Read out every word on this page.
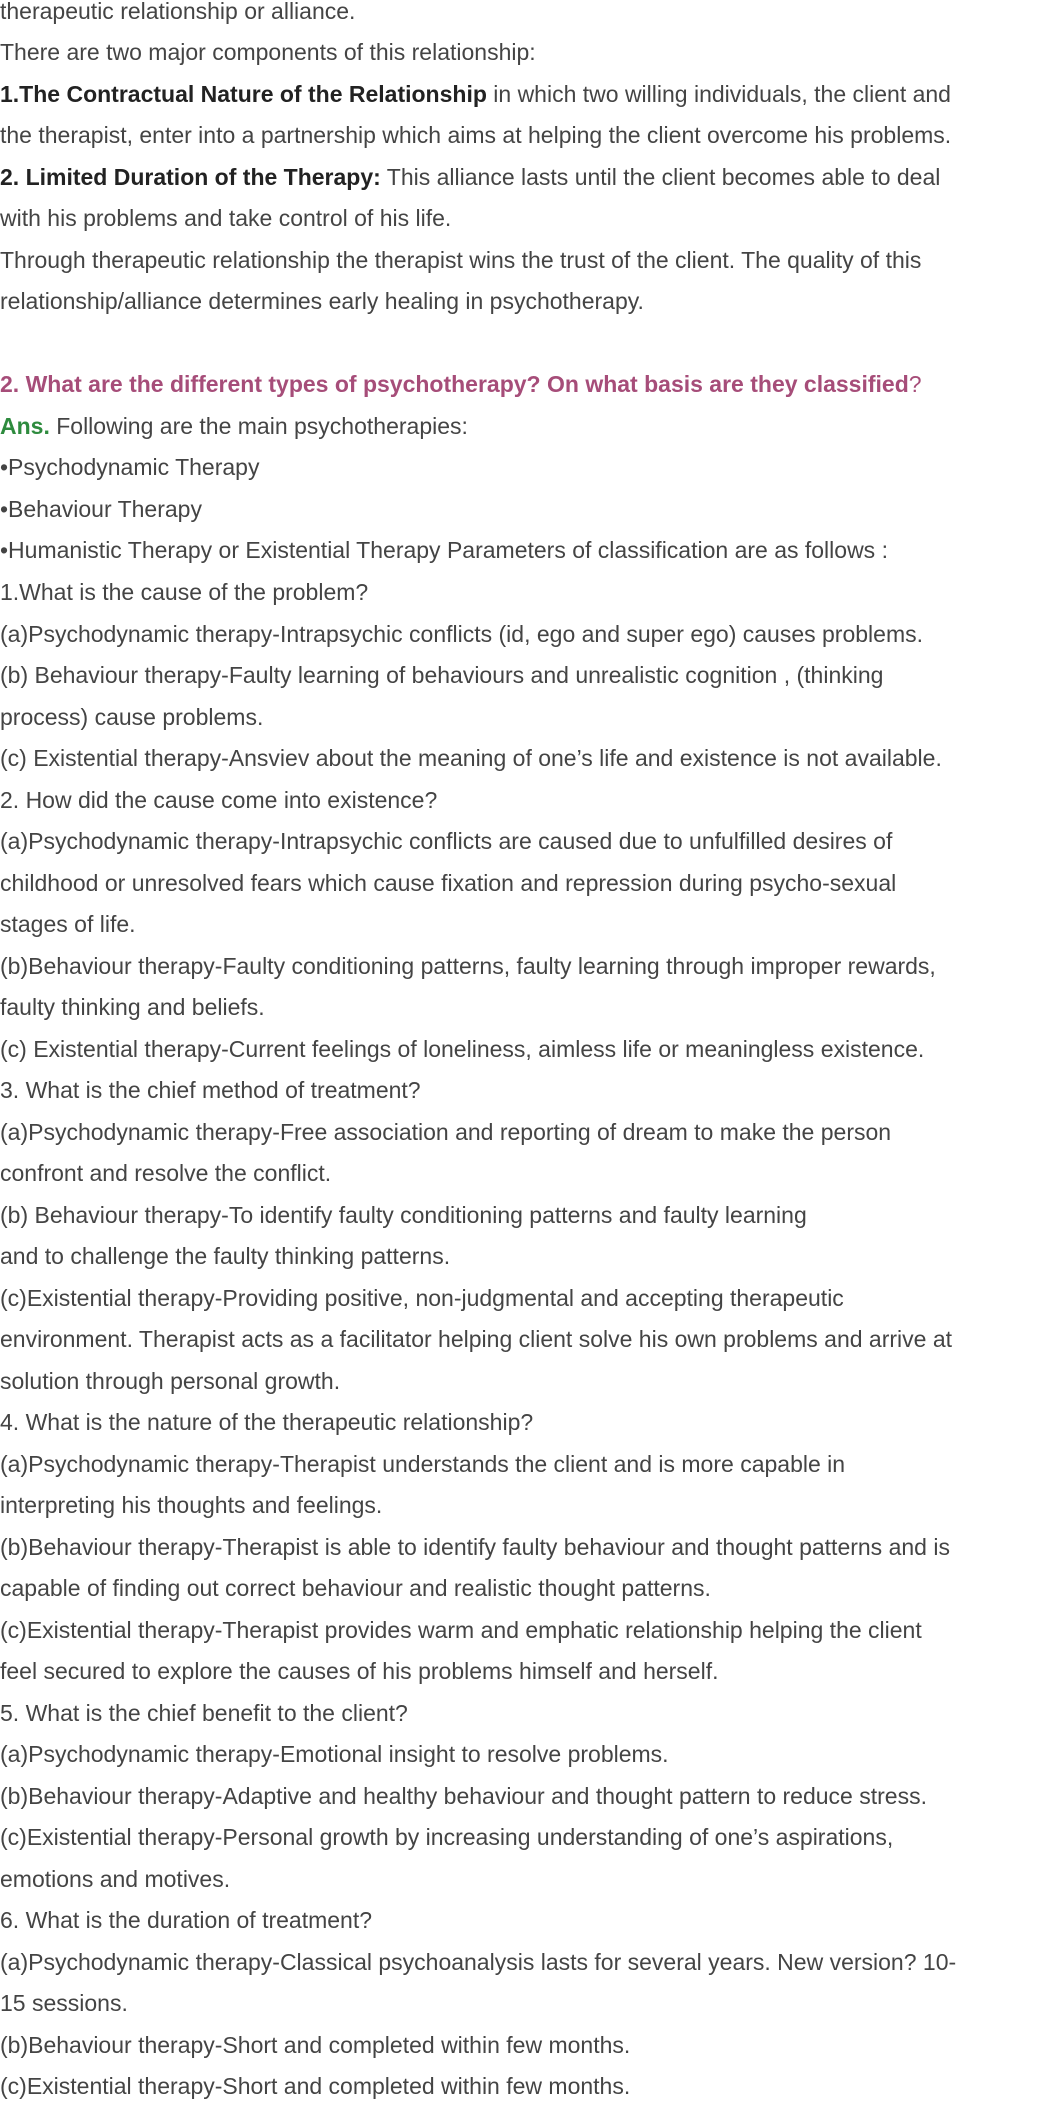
therapeutic relationship or alliance.
There are two major components of this relationship:
1.The Contractual Nature of the Relationship in which two willing individuals, the client and
the therapist, enter into a partnership which aims at helping the client overcome his problems.
2. Limited Duration of the Therapy: This alliance lasts until the client becomes able to deal
with his problems and take control of his life.
Through therapeutic relationship the therapist wins the trust of the client. The quality of this
relationship/alliance determines early healing in psychotherapy.
2. What are the different types of psychotherapy? On what basis are they classified?
Ans. Following are the main psychotherapies:
•Psychodynamic Therapy
•Behaviour Therapy
•Humanistic Therapy or Existential Therapy Parameters of classification are as follows :
1.What is the cause of the problem?
(a)Psychodynamic therapy-Intrapsychic conflicts (id, ego and super ego) causes problems.
(b) Behaviour therapy-Faulty learning of behaviours and unrealistic cognition , (thinking
process) cause problems.
(c) Existential therapy-Ansviev about the meaning of one’s life and existence is not available.
2. How did the cause come into existence?
(a)Psychodynamic therapy-Intrapsychic conflicts are caused due to unfulfilled desires of
childhood or unresolved fears which cause fixation and repression during psycho-sexual
stages of life.
(b)Behaviour therapy-Faulty conditioning patterns, faulty learning through improper rewards,
faulty thinking and beliefs.
(c) Existential therapy-Current feelings of loneliness, aimless life or meaningless existence.
3. What is the chief method of treatment?
(a)Psychodynamic therapy-Free association and reporting of dream to make the person
confront and resolve the conflict.
(b) Behaviour therapy-To identify faulty conditioning patterns and faulty learning
and to challenge the faulty thinking patterns.
(c)Existential therapy-Providing positive, non-judgmental and accepting therapeutic
environment. Therapist acts as a facilitator helping client solve his own problems and arrive at
solution through personal growth.
4. What is the nature of the therapeutic relationship?
(a)Psychodynamic therapy-Therapist understands the client and is more capable in
interpreting his thoughts and feelings.
(b)Behaviour therapy-Therapist is able to identify faulty behaviour and thought patterns and is
capable of finding out correct behaviour and realistic thought patterns.
(c)Existential therapy-Therapist provides warm and emphatic relationship helping the client
feel secured to explore the causes of his problems himself and herself.
5. What is the chief benefit to the client?
(a)Psychodynamic therapy-Emotional insight to resolve problems.
(b)Behaviour therapy-Adaptive and healthy behaviour and thought pattern to reduce stress.
(c)Existential therapy-Personal growth by increasing understanding of one’s aspirations,
emotions and motives.
6. What is the duration of treatment?
(a)Psychodynamic therapy-Classical psychoanalysis lasts for several years. New version? 10-
15 sessions.
(b)Behaviour therapy-Short and completed within few months.
(c)Existential therapy-Short and completed within few months.
